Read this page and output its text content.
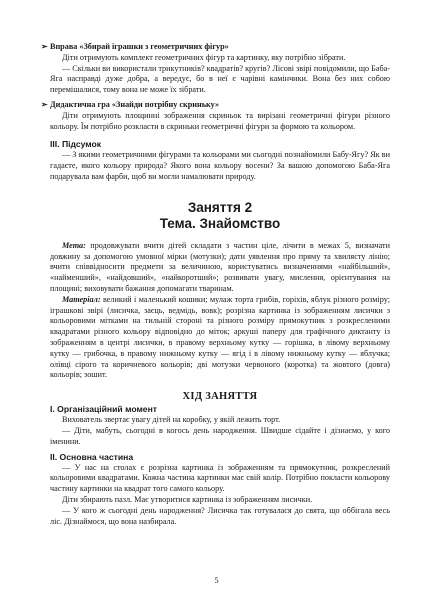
➢ Вправа «Збирай іграшки з геометричних фігур»

Діти отримують комплект геометричних фігур та картинку, яку потрібно зібрати.

— Скільки ви використали трикутників? квадратів? кругів? Лісові звірі повідомили, що Баба-Яга насправді дуже добра, а вередує, бо в неї є чарівні камінчики. Вона без них собою перемішалися, тому вона не може їх зібрати.

➢ Дидактична гра «Знайди потрібну скриньку»

Діти отримують площинні зображення скриньок та вирізані геометричні фігури різного кольору. Їм потрібно розкласти в скриньки геометричні фігури за формою та кольором.

III. Підсумок

— З якими геометричними фігурами та кольорами ми сьогодні познайомили Бабу-Ягу? Як ви гадаєте, якого кольору природа? Якого вона кольору восени? За вашою допомогою Баба-Яга подарувала вам фарби, щоб ви могли намалювати природу.

Заняття 2

Тема. Знайомство

Мета: продовжувати вчити дітей складати з частин ціле, лічити в межах 5, визначати довжину за допомогою умовної мірки (мотузки); дати уявлення про пряму та хвилясту лінію; вчити співвідносити предмети за величиною, користуватись визначеннями «найбільший», «найменший», «найдовший», «найкоротший»; розвивати увагу, мислення, орієнтування на площині; виховувати бажання допомагати тваринам.

Матеріал: великий і маленький кошики; мулаж торта грибів, горіхів, яблук різного розміру; іграшкові звірі (лисичка, заєць, ведмідь, вовк); розрізна картинка із зображенням лисички з кольоровими мітками на тильній стороні та різного розміру прямокутник з розкресленими квадратами різного кольору відповідно до міток; аркуші паперу для графічного диктанту із зображенням в центрі лисички, в правому верхньому кутку — горішка, в лівому верхньому кутку — грибочка, в правому нижньому кутку — ягід і в лівому нижньому кутку — яблучка; олівці сірого та коричневого кольорів; дві мотузки червоного (коротка) та жовтого (довга) кольорів; зошит.

ХІД ЗАНЯТТЯ

I. Організаційний момент

Вихователь звертає увагу дітей на коробку, у якій лежить торт.

— Діти, мабуть, сьогодні в когось день народження. Швидше сідайте і дізнаємо, у кого іменини.

II. Основна частина

— У нас на столах є розрізна картинка із зображенням та прямокутник, розкреслений кольоровими квадратами. Кожна частина картинки має свій колір. Потрібно покласти кольорову частину картинки на квадрат того самого кольору.

Діти збирають пазл. Має утворитися картинка із зображенням лисички.

— У кого ж сьогодні день народження? Лисичка так готувалася до свята, що оббігала весь ліс. Дізнаймося, що вона назбирала.

5
